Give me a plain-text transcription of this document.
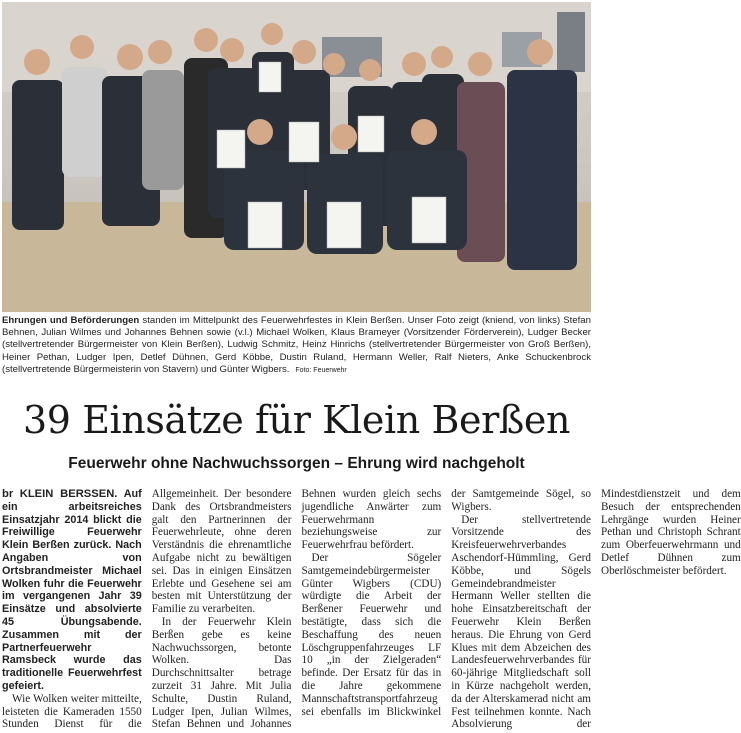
Ehrungen und Beförderungen standen im Mittelpunkt des Feuerwehrfestes in Klein Berßen. Unser Foto zeigt (kniend, von links) Stefan Behnen, Julian Wilmes und Johannes Behnen sowie (v.l.) Michael Wolken, Klaus Brameyer (Vorsitzender Förderverein), Ludger Becker (stellvertretender Bürgermeister von Klein Berßen), Ludwig Schmitz, Heinz Hinrichs (stellvertretender Bürgermeister von Groß Berßen), Heiner Pethan, Ludger Ipen, Detlef Dühnen, Gerd Köbbe, Dustin Ruland, Hermann Weller, Ralf Nieters, Anke Schuckenbrock (stellvertretende Bürgermeisterin von Stavern) und Günter Wigbers. Foto: Feuerwehr
39 Einsätze für Klein Berßen
Feuerwehr ohne Nachwuchssorgen – Ehrung wird nachgeholt

br KLEIN BERSSEN. Auf ein arbeitsreiches Einsatzjahr 2014 blickt die Freiwillige Feuerwehr Klein Berßen zurück. Nach Angaben von Ortsbrandmeister Michael Wolken fuhr die Feuerwehr im vergangenen Jahr 39 Einsätze und absolvierte 45 Übungsabende. Zusammen mit der Partnerfeuerwehr Ramsbeck wurde das traditionelle Feuerwehrfest gefeiert.

Wie Wolken weiter mitteilte, leisteten die Kameraden 1550 Stunden Dienst für die Allgemeinheit. Der besondere Dank des Ortsbrandmeisters galt den Partnerinnen der Feuerwehrleute, ohne deren Verständnis die ehrenamtliche Aufgabe nicht zu bewältigen sei. Das in einigen Einsätzen Erlebte und Gesehene sei am besten mit Unterstützung der Familie zu verarbeiten.

In der Feuerwehr Klein Berßen gebe es keine Nachwuchssorgen, betonte Wolken. Das Durchschnittsalter betrage zurzeit 31 Jahre. Mit Julia Schulte, Dustin Ruland, Ludger Ipen, Julian Wilmes, Stefan Behnen und Johannes Behnen wurden gleich sechs jugendliche Anwärter zum Feuerwehrmann beziehungsweise zur Feuerwehrfrau befördert.

Der Sögeler Samtgemeindebürgermeister Günter Wigbers (CDU) würdigte die Arbeit der Berßener Feuerwehr und bestätigte, dass sich die Beschaffung des neuen Löschgruppenfahrzeuges LF 10 „in der Zielgeraden“ befinde. Der Ersatz für das in die Jahre gekommene Mannschaftstransportfahrzeug sei ebenfalls im Blickwinkel der Samtgemeinde Sögel, so Wigbers.

Der stellvertretende Vorsitzende des Kreisfeuerwehrverbandes Aschendorf-Hümmling, Gerd Köbbe, und Sögels Gemeindebrandmeister Hermann Weller stellten die hohe Einsatzbereitschaft der Feuerwehr Klein Berßen heraus. Die Ehrung von Gerd Klues mit dem Abzeichen des Landesfeuerwehrverbandes für 60-jährige Mitgliedschaft soll in Kürze nachgeholt werden, da der Alterskamerad nicht am Fest teilnehmen konnte. Nach Absolvierung der Mindestdienstzeit und dem Besuch der entsprechenden Lehrgänge wurden Heiner Pethan und Christoph Schrant zum Oberfeuerwehrmann und Detlef Dühnen zum Oberlöschmeister befördert.
